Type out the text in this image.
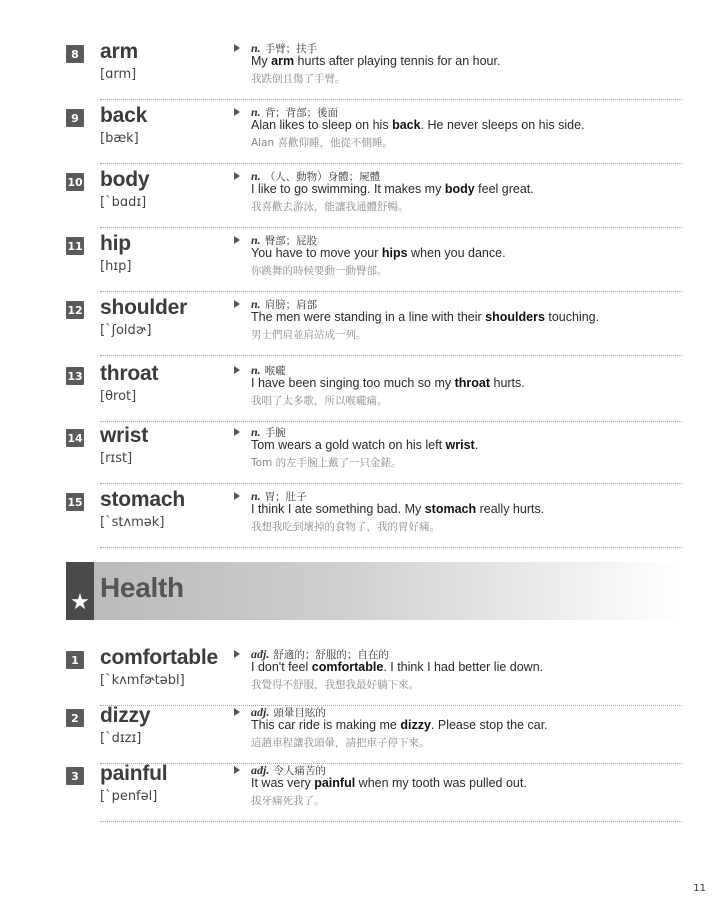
8 arm
[ɑrm]
n. 手臂；扶手
My arm hurts after playing tennis for an hour.
我跌倒且傷了手臂。
9 back
[bæk]
n. 背；背部；後面
Alan likes to sleep on his back. He never sleeps on his side.
Alan 喜歡仰睡，他從不側睡。
10 body
[ˋbɑdɪ]
n. （人、動物）身體；屍體
I like to go swimming. It makes my body feel great.
我喜歡去游泳，能讓我通體舒暢。
11 hip
[hɪp]
n. 臀部；屁股
You have to move your hips when you dance.
你跳舞的時候要動一動臀部。
12 shoulder
[ˋʃoldɚ]
n. 肩膀；肩部
The men were standing in a line with their shoulders touching.
男士們肩並肩站成一列。
13 throat
[θrot]
n. 喉嚨
I have been singing too much so my throat hurts.
我唱了太多歌，所以喉嚨痛。
14 wrist
[rɪst]
n. 手腕
Tom wears a gold watch on his left wrist.
Tom 的左手腕上戴了一只金錶。
15 stomach
[ˋstʌmək]
n. 胃；肚子
I think I ate something bad. My stomach really hurts.
我想我吃到壞掉的食物了，我的胃好痛。
1 comfortable
[ˋkʌmfɚtəbl]
adj. 舒適的；舒服的；自在的
I don't feel comfortable. I think I had better lie down.
我覺得不舒服，我想我最好躺下來。
2 dizzy
[ˋdɪzɪ]
adj. 頭暈目眩的
This car ride is making me dizzy. Please stop the car.
這趟車程讓我頭暈，請把車子停下來。
3 painful
[ˋpenfəl]
adj. 令人痛苦的
It was very painful when my tooth was pulled out.
拔牙痛死我了。
★ Health
11
